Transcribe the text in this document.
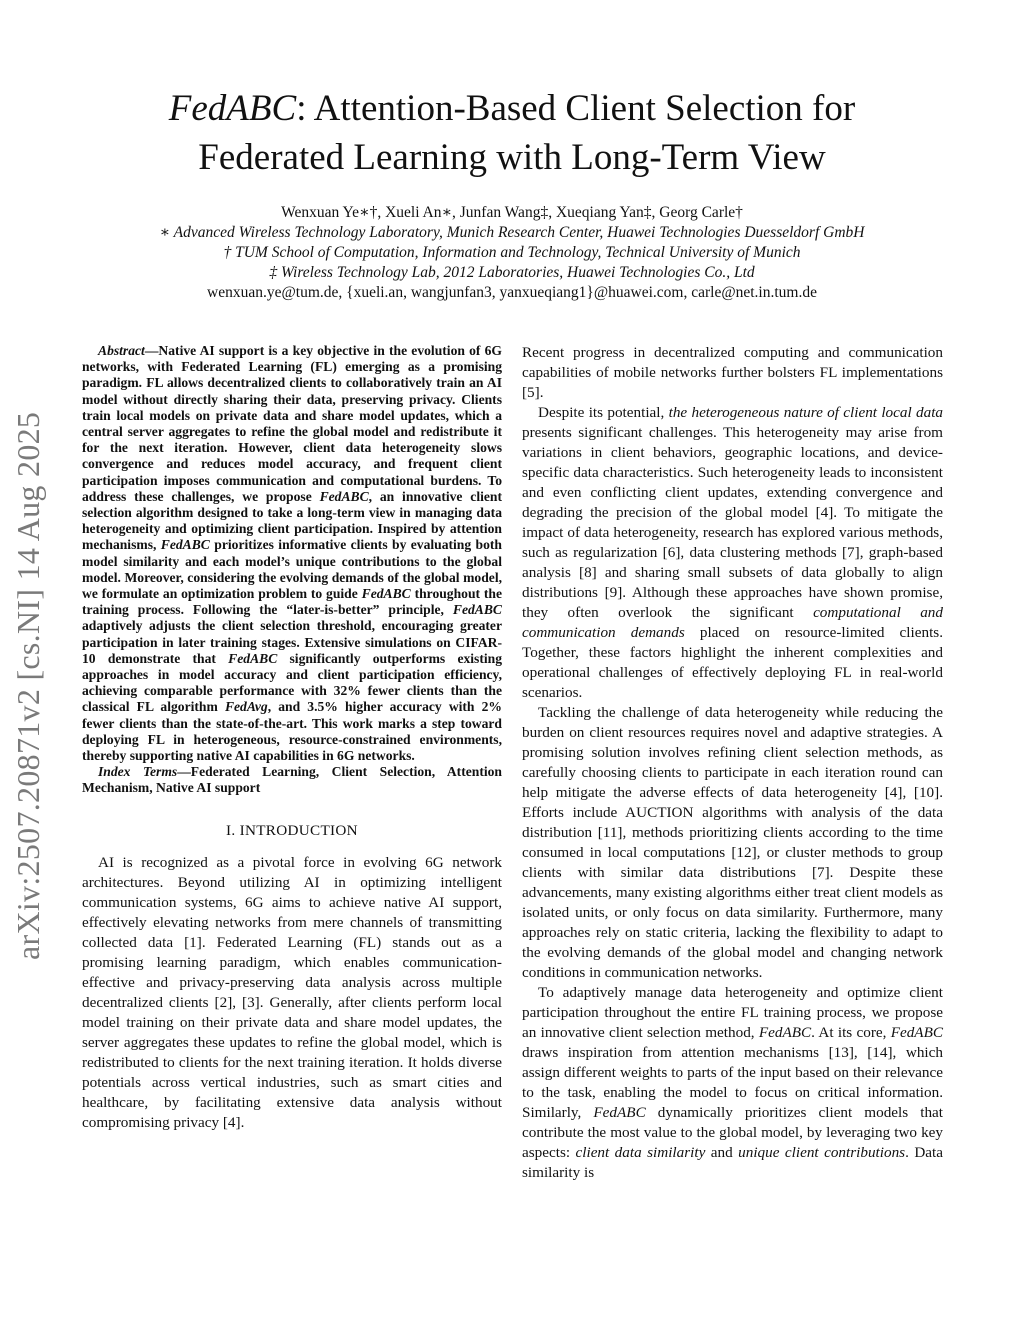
arXiv:2507.20871v2 [cs.NI] 14 Aug 2025
FedABC: Attention-Based Client Selection for
Federated Learning with Long-Term View
Wenxuan Ye∗†, Xueli An∗, Junfan Wang‡, Xueqiang Yan‡, Georg Carle†
∗ Advanced Wireless Technology Laboratory, Munich Research Center, Huawei Technologies Duesseldorf GmbH
† TUM School of Computation, Information and Technology, Technical University of Munich
‡ Wireless Technology Lab, 2012 Laboratories, Huawei Technologies Co., Ltd
wenxuan.ye@tum.de, {xueli.an, wangjunfan3, yanxueqiang1}@huawei.com, carle@net.in.tum.de

Abstract—Native AI support is a key objective in the evolution of 6G networks, with Federated Learning (FL) emerging as a promising paradigm. FL allows decentralized clients to collaboratively train an AI model without directly sharing their data, preserving privacy. Clients train local models on private data and share model updates, which a central server aggregates to refine the global model and redistribute it for the next iteration. However, client data heterogeneity slows convergence and reduces model accuracy, and frequent client participation imposes communication and computational burdens. To address these challenges, we propose FedABC, an innovative client selection algorithm designed to take a long-term view in managing data heterogeneity and optimizing client participation. Inspired by attention mechanisms, FedABC prioritizes informative clients by evaluating both model similarity and each model’s unique contributions to the global model. Moreover, considering the evolving demands of the global model, we formulate an optimization problem to guide FedABC throughout the training process. Following the “later-is-better” principle, FedABC adaptively adjusts the client selection threshold, encouraging greater participation in later training stages. Extensive simulations on CIFAR-10 demonstrate that FedABC significantly outperforms existing approaches in model accuracy and client participation efficiency, achieving comparable performance with 32% fewer clients than the classical FL algorithm FedAvg, and 3.5% higher accuracy with 2% fewer clients than the state-of-the-art. This work marks a step toward deploying FL in heterogeneous, resource-constrained environments, thereby supporting native AI capabilities in 6G networks.

Index Terms—Federated Learning, Client Selection, Attention Mechanism, Native AI support

I. INTRODUCTION

AI is recognized as a pivotal force in evolving 6G network architectures. Beyond utilizing AI in optimizing intelligent communication systems, 6G aims to achieve native AI support, effectively elevating networks from mere channels of transmitting collected data [1]. Federated Learning (FL) stands out as a promising learning paradigm, which enables communication-effective and privacy-preserving data analysis across multiple decentralized clients [2], [3]. Generally, after clients perform local model training on their private data and share model updates, the server aggregates these updates to refine the global model, which is redistributed to clients for the next training iteration. It holds diverse potentials across vertical industries, such as smart cities and healthcare, by facilitating extensive data analysis without compromising privacy [4].

Recent progress in decentralized computing and communication capabilities of mobile networks further bolsters FL implementations [5].

Despite its potential, the heterogeneous nature of client local data presents significant challenges. This heterogeneity may arise from variations in client behaviors, geographic locations, and device-specific data characteristics. Such heterogeneity leads to inconsistent and even conflicting client updates, extending convergence and degrading the precision of the global model [4]. To mitigate the impact of data heterogeneity, research has explored various methods, such as regularization [6], data clustering methods [7], graph-based analysis [8] and sharing small subsets of data globally to align distributions [9]. Although these approaches have shown promise, they often overlook the significant computational and communication demands placed on resource-limited clients. Together, these factors highlight the inherent complexities and operational challenges of effectively deploying FL in real-world scenarios.

Tackling the challenge of data heterogeneity while reducing the burden on client resources requires novel and adaptive strategies. A promising solution involves refining client selection methods, as carefully choosing clients to participate in each iteration round can help mitigate the adverse effects of data heterogeneity [4], [10]. Efforts include AUCTION algorithms with analysis of the data distribution [11], methods prioritizing clients according to the time consumed in local computations [12], or cluster methods to group clients with similar data distributions [7]. Despite these advancements, many existing algorithms either treat client models as isolated units, or only focus on data similarity. Furthermore, many approaches rely on static criteria, lacking the flexibility to adapt to the evolving demands of the global model and changing network conditions in communication networks.

To adaptively manage data heterogeneity and optimize client participation throughout the entire FL training process, we propose an innovative client selection method, FedABC. At its core, FedABC draws inspiration from attention mechanisms [13], [14], which assign different weights to parts of the input based on their relevance to the task, enabling the model to focus on critical information. Similarly, FedABC dynamically prioritizes client models that contribute the most value to the global model, by leveraging two key aspects: client data similarity and unique client contributions. Data similarity is
